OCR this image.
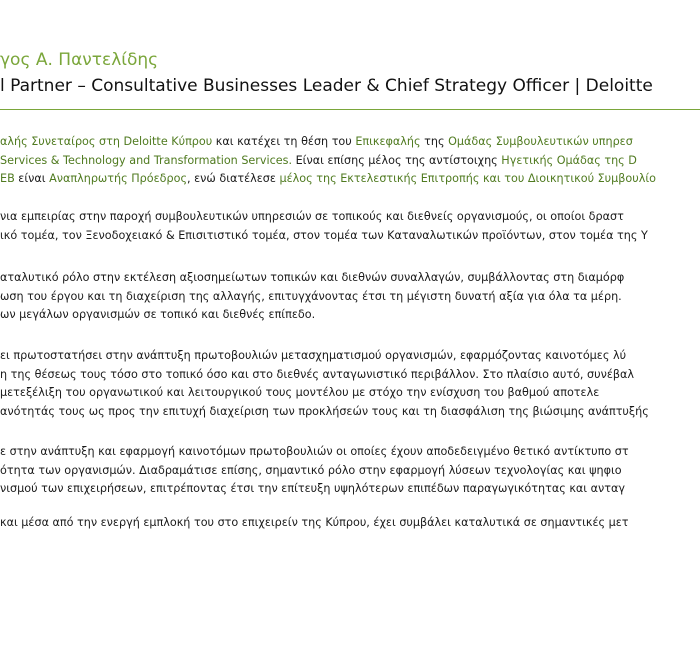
γος Α. Παντελίδης
l Partner – Consultative Businesses Leader & Chief Strategy Officer | Deloitte
αλής Συνεταίρος στη Deloitte Κύπρου και κατέχει τη θέση του Επικεφαλής της Ομάδας Συμβουλευτικών υπηρεσ
Services & Technology and Transformation Services. Είναι επίσης μέλος της αντίστοιχης Ηγετικής Ομάδας της D
ΕΒ είναι Αναπληρωτής Πρόεδρος, ενώ διατέλεσε μέλος της Εκτελεστικής Επιτροπής και του Διοικητικού Συμβουλίο
νια εμπειρίας στην παροχή συμβουλευτικών υπηρεσιών σε τοπικούς και διεθνείς οργανισμούς, οι οποίοι δραστ
ικό τομέα, τον Ξενοδοχειακό & Επισιτιστικό τομέα, στον τομέα των Καταναλωτικών προϊόντων, στον τομέα της Υ
αταλυτικό ρόλο στην εκτέλεση αξιοσημείωτων τοπικών και διεθνών συναλλαγών, συμβάλλοντας στη διαμόρφ
ωση του έργου και τη διαχείριση της αλλαγής, επιτυγχάνοντας έτσι τη μέγιστη δυνατή αξία για όλα τα μέρη.
ων μεγάλων οργανισμών σε τοπικό και διεθνές επίπεδο.
ει πρωτοστατήσει στην ανάπτυξη πρωτοβουλιών μετασχηματισμού οργανισμών, εφαρμόζοντας καινοτόμες λύ
η της θέσεως τους τόσο στο τοπικό όσο και στο διεθνές ανταγωνιστικό περιβάλλον. Στο πλαίσιο αυτό, συνέβαλ
μετεξέλιξη του οργανωτικού και λειτουργικού τους μοντέλου με στόχο την ενίσχυση του βαθμού αποτελε
ανότητάς τους ως προς την επιτυχή διαχείριση των προκλήσεών τους και τη διασφάλιση της βιώσιμης ανάπτυξής
ε στην ανάπτυξη και εφαρμογή καινοτόμων πρωτοβουλιών οι οποίες έχουν αποδεδειγμένο θετικό αντίκτυπο στ
ότητα των οργανισμών. Διαδραμάτισε επίσης, σημαντικό ρόλο στην εφαρμογή λύσεων τεχνολογίας και ψηφιο
νισμού των επιχειρήσεων, επιτρέποντας έτσι την επίτευξη υψηλότερων επιπέδων παραγωγικότητας και ανταγ
και μέσα από την ενεργή εμπλοκή του στο επιχειρείν της Κύπρου, έχει συμβάλει καταλυτικά σε σημαντικές μετ
